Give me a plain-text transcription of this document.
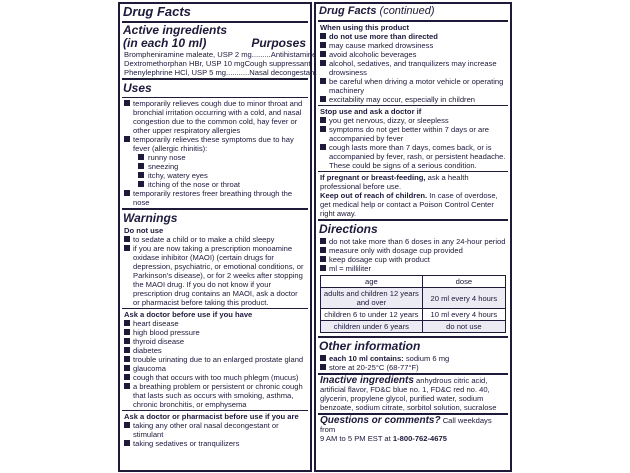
Drug Facts
Active ingredients
(in each 10 ml)	Purposes
Brompheniramine maleate, USP 2 mg ......... Antihistamine
Dextromethorphan HBr, USP 10 mg Cough suppressant
Phenylephrine HCl, USP 5 mg ........... Nasal decongestant
Uses
temporarily relieves cough due to minor throat and bronchial irritation occurring with a cold, and nasal congestion due to the common cold, hay fever or other upper respiratory allergies
temporarily relieves these symptoms due to hay fever (allergic rhinitis):
runny nose
sneezing
itchy, watery eyes
itching of the nose or throat
temporarily restores freer breathing through the nose
Warnings
Do not use
to sedate a child or to make a child sleepy
if you are now taking a prescription monoamine oxidase inhibitor (MAOI) (certain drugs for depression, psychiatric, or emotional conditions, or Parkinson's disease), or for 2 weeks after stopping the MAOI drug. If you do not know if your prescription drug contains an MAOI, ask a doctor or pharmacist before taking this product.
Ask a doctor before use if you have
heart disease
high blood pressure
thyroid disease
diabetes
trouble urinating due to an enlarged prostate gland
glaucoma
cough that occurs with too much phlegm (mucus)
a breathing problem or persistent or chronic cough that lasts such as occurs with smoking, asthma, chronic bronchitis, or emphysema
Ask a doctor or pharmacist before use if you are
taking any other oral nasal decongestant or stimulant
taking sedatives or tranquilizers
Drug Facts (continued)
When using this product
do not use more than directed
may cause marked drowsiness
avoid alcoholic beverages
alcohol, sedatives, and tranquilizers may increase drowsiness
be careful when driving a motor vehicle or operating machinery
excitability may occur, especially in children
Stop use and ask a doctor if
you get nervous, dizzy, or sleepless
symptoms do not get better within 7 days or are accompanied by fever
cough lasts more than 7 days, comes back, or is accompanied by fever, rash, or persistent headache. These could be signs of a serious condition.
If pregnant or breast-feeding, ask a health professional before use.
Keep out of reach of children. In case of overdose, get medical help or contact a Poison Control Center right away.
Directions
do not take more than 6 doses in any 24-hour period
measure only with dosage cup provided
keep dosage cup with product
ml = milliliter
age	dose
adults and children 12 years and over	20 ml every 4 hours
children 6 to under 12 years	10 ml every 4 hours
children under 6 years	do not use
Other information
each 10 ml contains: sodium 6 mg
store at 20-25°C (68-77°F)
Inactive ingredients anhydrous citric acid, artificial flavor, FD&C blue no. 1, FD&C red no. 40, glycerin, propylene glycol, purified water, sodium benzoate, sodium citrate, sorbitol solution, sucralose
Questions or comments? Call weekdays from
9 AM to 5 PM EST at 1-800-762-4675
